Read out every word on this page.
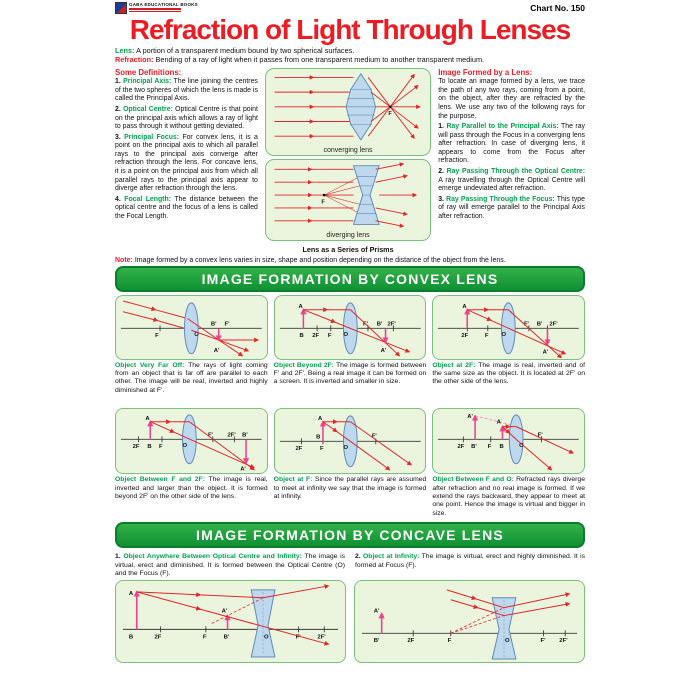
GABA EDUCATIONAL BOOKS	Chart No. 150
Refraction of Light Through Lenses

Lens: A portion of a transparent medium bound by two spherical surfaces.

Refraction: Bending of a ray of light when it passes from one transparent medium to another transparent medium.

Some Definitions:

1. Principal Axis: The line joining the centres of the two spheres of which the lens is made is called the Principal Axis.

2. Optical Centre: Optical Centre is that point on the principal axis which allows a ray of light to pass through it without getting deviated.

3. Principal Focus: For convex lens, it is a point on the principal axis to which all parallel rays to the principal axis converge after refraction through the lens. For concave lens, it is a point on the principal axis from which all parallel rays to the principal axis appear to diverge after refraction through the lens.

4. Focal Length: The distance between the optical centre and the focus of a lens is called the Focal Length.

F
converging lens
F
diverging lens
Lens as a Series of Prisms
Image Formed by a Lens:

To locate an image formed by a lens, we trace the path of any two rays, coming from a point, on the object, after they are refracted by the lens. We use any two of the following rays for the purpose.

1. Ray Parallel to the Principal Axis: The ray will pass through the Focus in a converging lens after refraction. In case of diverging lens, it appears to come from the Focus after refraction.

2. Ray Passing Through the Optical Centre: A ray travelling through the Optical Centre will emerge undeviated after refraction.

3. Ray Passing Through the Focus: This type of ray will emerge parallel to the Principal Axis after refraction.

Note: Image formed by a convex lens varies in size, shape and position depending on the distance of the object from the lens.

IMAGE FORMATION BY CONVEX LENS
F	O
B' F'
A'

Object Very Far Off: The rays of light coming from an object that is far off are parallel to each other. The image will be real, inverted and highly diminished at F'.

B 2F F
F' B' 2F'
A
O
A'

Object Beyond 2F: The image is formed between F' and 2F'. Being a real image it can be formed on a screen. It is inverted and smaller in size.

2F	F
F' B' 2F'
A
O
A'

Object at 2F: The image is real, inverted and of the same size as the object. It is located at 2F' on the other side of the lens.

2F B F
F' 2F' B'
A
O
A'

Object Between F and 2F: The image is real, inverted and larger than the object. It is formed beyond 2F' on the other side of the lens.

2F	F
B	F'
A
O

Object at F: Since the parallel rays are assumed to meet at infinity we say that the image is formed at infinity.

2F B' F B
F'
A'
A
O

Object Between F and O: Refracted rays diverge after refraction and no real image is formed. If we extend the rays backward, they appear to meet at one point. Hence the image is virtual and bigger in size.

IMAGE FORMATION BY CONCAVE LENS

1. Object Anywhere Between Optical Centre and Infinity: The image is virtual, erect and diminished. It is formed between the Optical Centre (O) and the Focus (F).

2. Object at Infinity: The image is virtual, erect and highly diminished. It is formed at Focus (F).

2F	F	B'	F'	2F'
O
A
B
A'
2F	F	F' 2F'
O
A'
B'
